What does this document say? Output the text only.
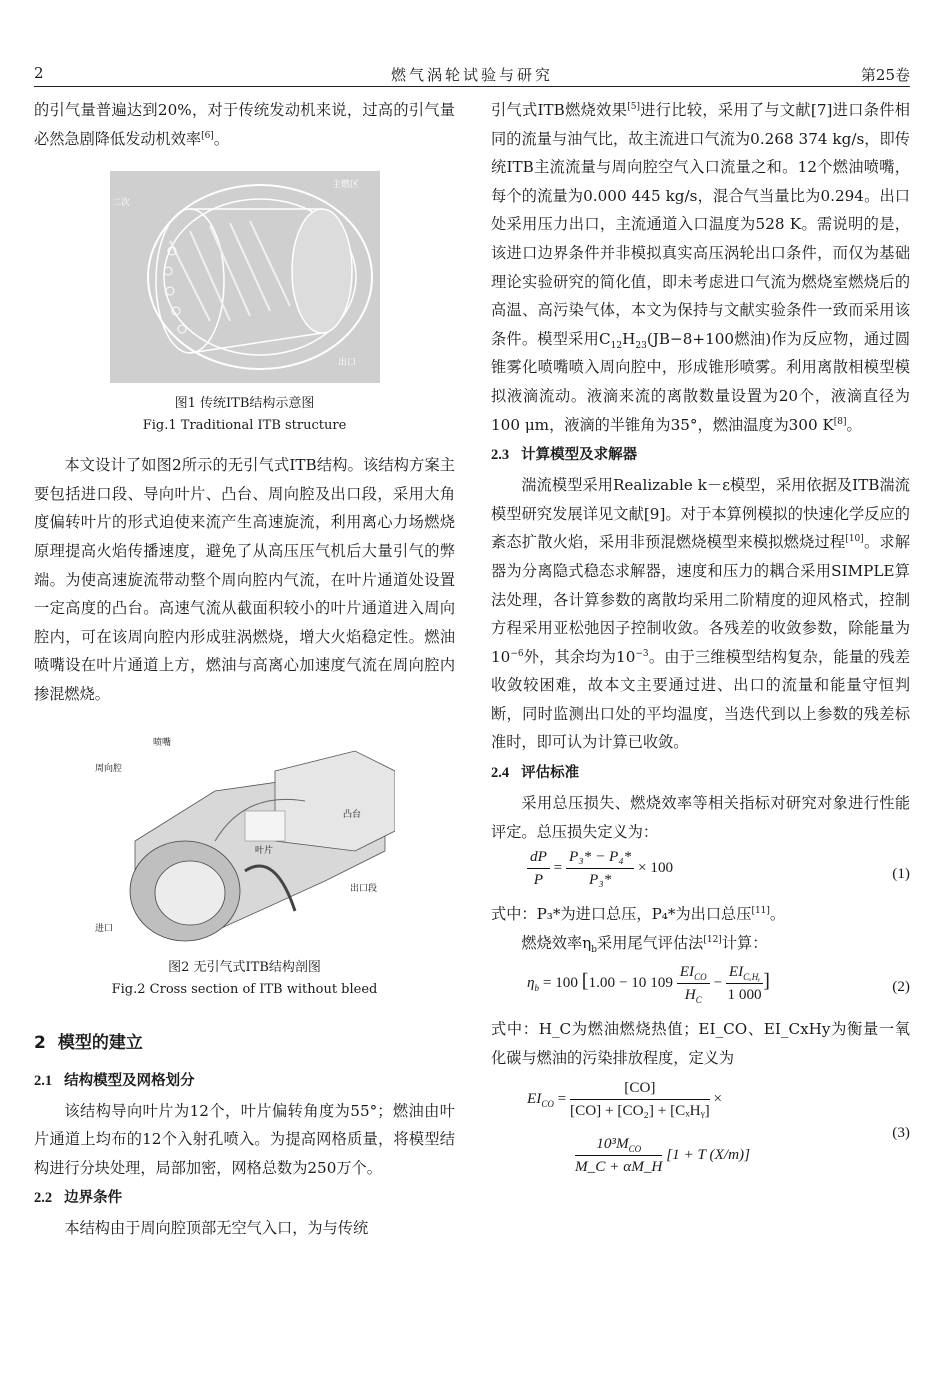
2	燃气涡轮试验与研究	第25卷

的引气量普遍达到20%，对于传统发动机来说，过高的引气量必然急剧降低发动机效率[6]。

主燃区
二次
出口
图1 传统ITB结构示意图
Fig.1 Traditional ITB structure

本文设计了如图2所示的无引气式ITB结构。该结构方案主要包括进口段、导向叶片、凸台、周向腔及出口段，采用大角度偏转叶片的形式迫使来流产生高速旋流，利用离心力场燃烧原理提高火焰传播速度，避免了从高压压气机后大量引气的弊端。为使高速旋流带动整个周向腔内气流，在叶片通道处设置一定高度的凸台。高速气流从截面积较小的叶片通道进入周向腔内，可在该周向腔内形成驻涡燃烧，增大火焰稳定性。燃油喷嘴设在叶片通道上方，燃油与高离心加速度气流在周向腔内掺混燃烧。

喷嘴
周向腔
凸台
出口段
叶片
进口
图2 无引气式ITB结构剖图
Fig.2 Cross section of ITB without bleed
2 模型的建立
2.1 结构模型及网格划分

该结构导向叶片为12个，叶片偏转角度为55°；燃油由叶片通道上均布的12个入射孔喷入。为提高网格质量，将模型结构进行分块处理，局部加密，网格总数为250万个。

2.2 边界条件

本结构由于周向腔顶部无空气入口，为与传统

引气式ITB燃烧效果[5]进行比较，采用了与文献[7]进口条件相同的流量与油气比，故主流进口气流为0.268 374 kg/s，即传统ITB主流流量与周向腔空气入口流量之和。12个燃油喷嘴，每个的流量为0.000 445 kg/s，混合气当量比为0.294。出口处采用压力出口，主流通道入口温度为528 K。需说明的是，该进口边界条件并非模拟真实高压涡轮出口条件，而仅为基础理论实验研究的简化值，即未考虑进口气流为燃烧室燃烧后的高温、高污染气体，本文为保持与文献实验条件一致而采用该条件。模型采用$C_{12}H_{23}(JB-8+100$燃油)作为反应物，通过圆锥雾化喷嘴喷入周向腔中，形成锥形喷雾。利用离散相模型模拟液滴流动。液滴来流的离散数量设置为20个，液滴直径为100 μm，液滴的半锥角为35°，燃油温度为300 K[8]。

2.3 计算模型及求解器

湍流模型采用Realizable k－ε模型，采用依据及ITB湍流模型研究发展详见文献[9]。对于本算例模拟的快速化学反应的紊态扩散火焰，采用非预混燃烧模型来模拟燃烧过程[10]。求解器为分离隐式稳态求解器，速度和压力的耦合采用SIMPLE算法处理，各计算参数的离散均采用二阶精度的迎风格式，控制方程采用亚松弛因子控制收敛。各残差的收敛参数，除能量为$10^{-6}$外，其余均为$10^{-3}$。由于三维模型结构复杂，能量的残差收敛较困难，故本文主要通过进、出口的流量和能量守恒判断，同时监测出口处的平均温度，当迭代到以上参数的残差标准时，即可认为计算已收敛。

2.4 评估标准

采用总压损失、燃烧效率等相关指标对研究对象进行性能评定。总压损失定义为：

$\frac{dP}{P} = \frac{\text{P₃* − P₄*}}{\text{P₃*}} \times 100$	(1)

式中：P₃*为进口总压，P₄*为出口总压[11]。

燃烧效率$\eta_b$采用尾气评估法[12]计算：

$\eta_b = 100$ [1.00 − 10 $109 \frac{EI_{CO}}{H_C} - \frac{EI_{C_xHᵧ}}{1 000}$ ]	(2)

式中：H_C为燃油燃烧热值；EI_CO、EI_CxHy为衡量一氧化碳与燃油的污染排放程度，定义为

$EI_{CO} = \frac{[CO]}{\text{[CO] + [CO₂] + [CₓHᵧ]}}$ ×
$\frac{10^3M_{CO}}{M\_C + \alpha M\_H} [1 + T$ (X/m)]
(3)
